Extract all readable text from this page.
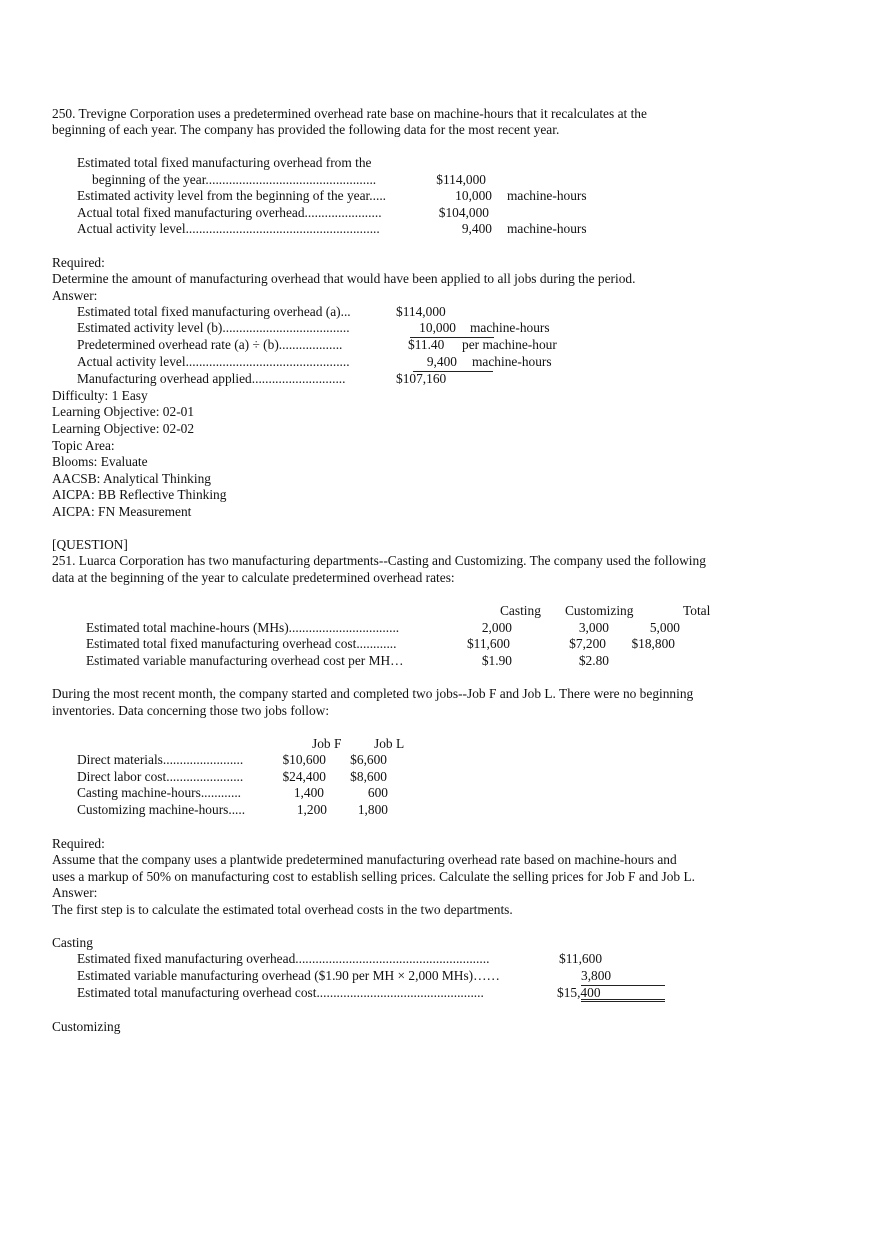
250. Trevigne Corporation uses a predetermined overhead rate base on machine-hours that it recalculates at the
beginning of each year. The company has provided the following data for the most recent year.
Estimated total fixed manufacturing overhead from the
beginning of the year...................................................	$114,000
Estimated activity level from the beginning of the year.....	10,000 machine-hours
Actual total fixed manufacturing overhead.......................	$104,000
Actual activity level..........................................................	9,400 machine-hours
Required:
Determine the amount of manufacturing overhead that would have been applied to all jobs during the period.
Answer:
Estimated total fixed manufacturing overhead (a)...	$114,000
Estimated activity level (b)......................................	10,000	machine-hours
Predetermined overhead rate (a) ÷ (b)...................	$11.40 per machine-hour
Actual activity level.................................................	9,400	machine-hours
Manufacturing overhead applied............................	$107,160
Difficulty: 1 Easy
Learning Objective: 02-01
Learning Objective: 02-02
Topic Area:
Blooms: Evaluate
AACSB: Analytical Thinking
AICPA: BB Reflective Thinking
AICPA: FN Measurement
[QUESTION]
251. Luarca Corporation has two manufacturing departments--Casting and Customizing. The company used the following
data at the beginning of the year to calculate predetermined overhead rates:
Casting Customizing	Total
Estimated total machine-hours (MHs).................................	2,000	3,000	5,000
Estimated total fixed manufacturing overhead cost............	$11,600	$7,200	$18,800
Estimated variable manufacturing overhead cost per MH…	$1.90	$2.80
During the most recent month, the company started and completed two jobs--Job F and Job L. There were no beginning
inventories. Data concerning those two jobs follow:
Job F Job L
Direct materials........................	$10,600	$6,600
Direct labor cost.......................	$24,400	$8,600
Casting machine-hours............	1,400	600
Customizing machine-hours.....	1,200	1,800
Required:
Assume that the company uses a plantwide predetermined manufacturing overhead rate based on machine-hours and
uses a markup of 50% on manufacturing cost to establish selling prices. Calculate the selling prices for Job F and Job L.
Answer:
The first step is to calculate the estimated total overhead costs in the two departments.
Casting
Estimated fixed manufacturing overhead..........................................................	$11,600
Estimated variable manufacturing overhead ($1.90 per MH × 2,000 MHs)……	3,800
Estimated total manufacturing overhead cost..................................................	$15,400
Customizing
